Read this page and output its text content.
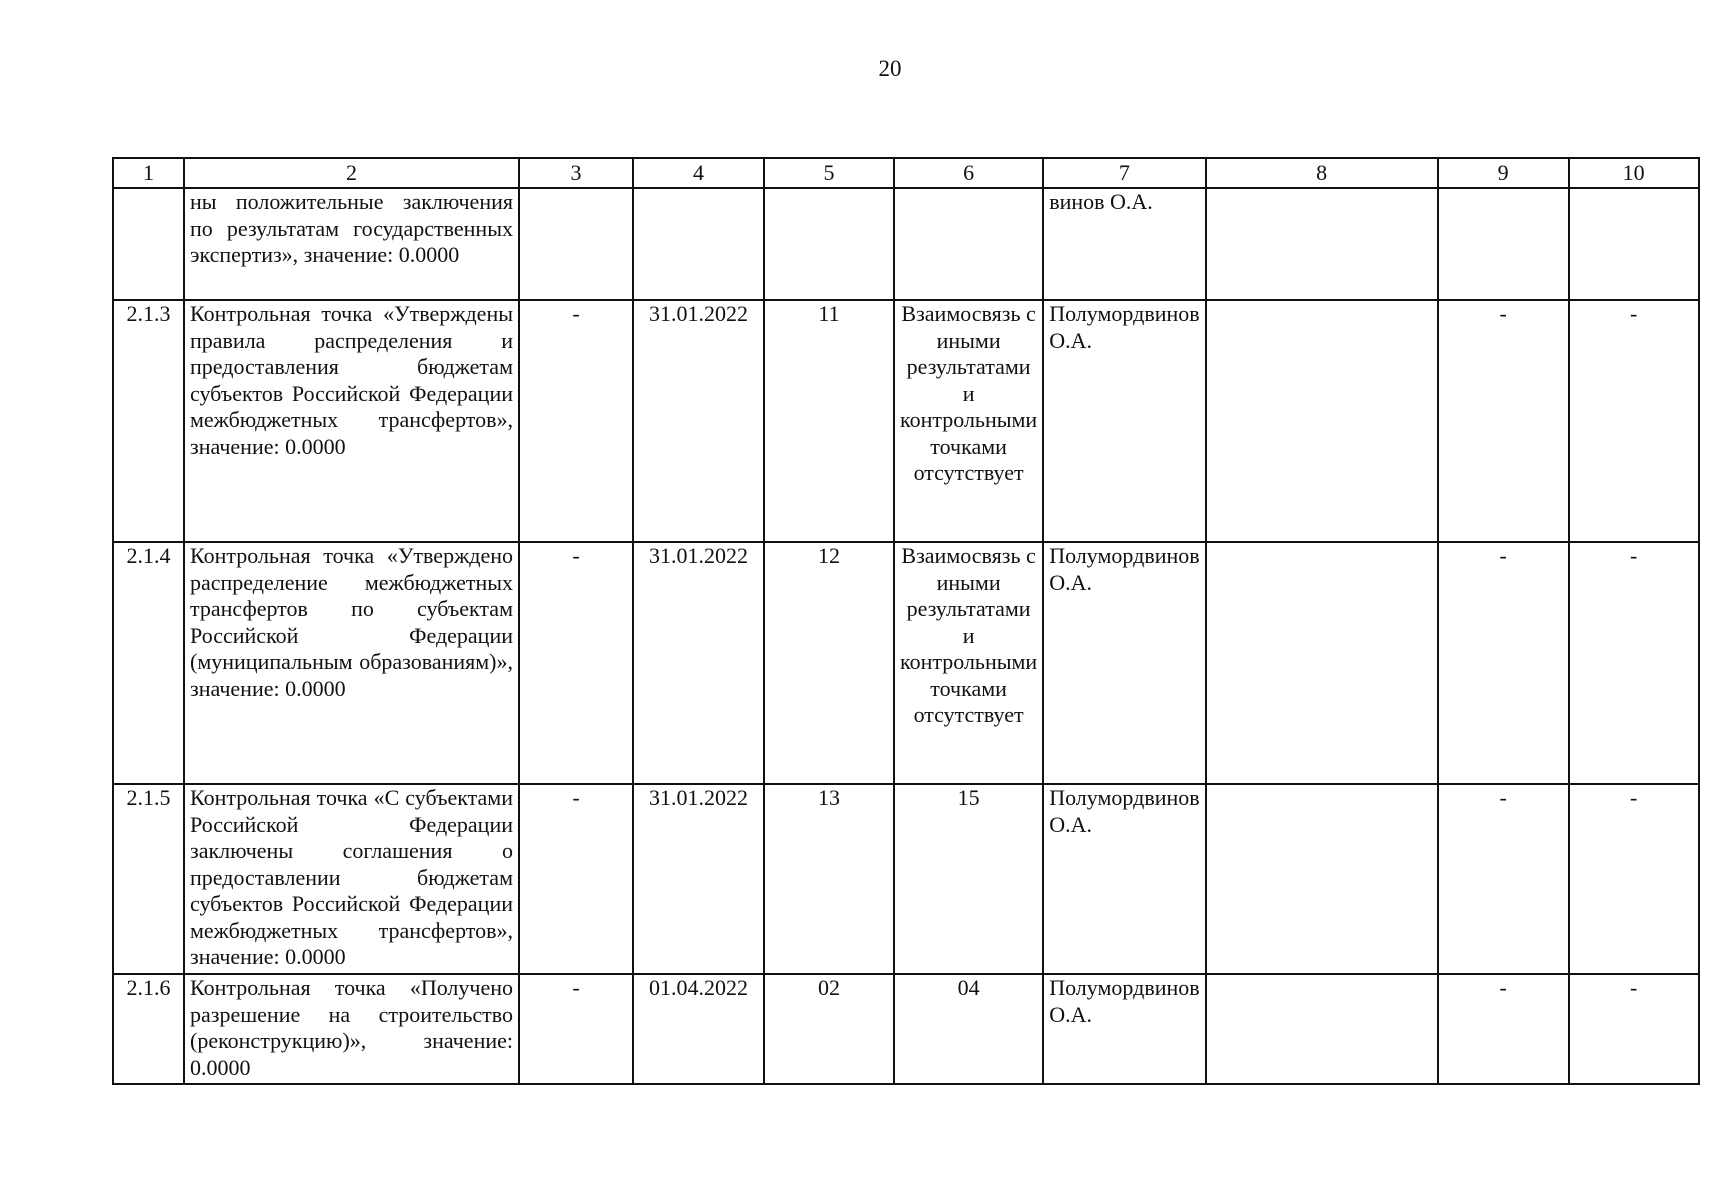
20
1	2	3	4	5	6	7	8	9	10
	ны положительные заключения по результатам государственных экспертиз», значение: 0.0000					винов О.А.			
2.1.3	Контрольная точка «Утверждены правила распределения и предоставления бюджетам субъектов Российской Федерации межбюджетных трансфертов», значение: 0.0000	-	31.01.2022	11	Взаимосвязь с иными результатами и контрольными точками отсутствует	Полумордвинов О.А.		-	-
2.1.4	Контрольная точка «Утверждено распределение межбюджетных трансфертов по субъектам Российской Федерации (муниципальным образованиям)», значение: 0.0000	-	31.01.2022	12	Взаимосвязь с иными результатами и контрольными точками отсутствует	Полумордвинов О.А.		-	-
2.1.5	Контрольная точка «С субъектами Российской Федерации заключены соглашения о предоставлении бюджетам субъектов Российской Федерации межбюджетных трансфертов», значение: 0.0000	-	31.01.2022	13	15	Полумордвинов О.А.		-	-
2.1.6	Контрольная точка «Получено разрешение на строительство (реконструкцию)», значение: 0.0000	-	01.04.2022	02	04	Полумордвинов О.А.		-	-
